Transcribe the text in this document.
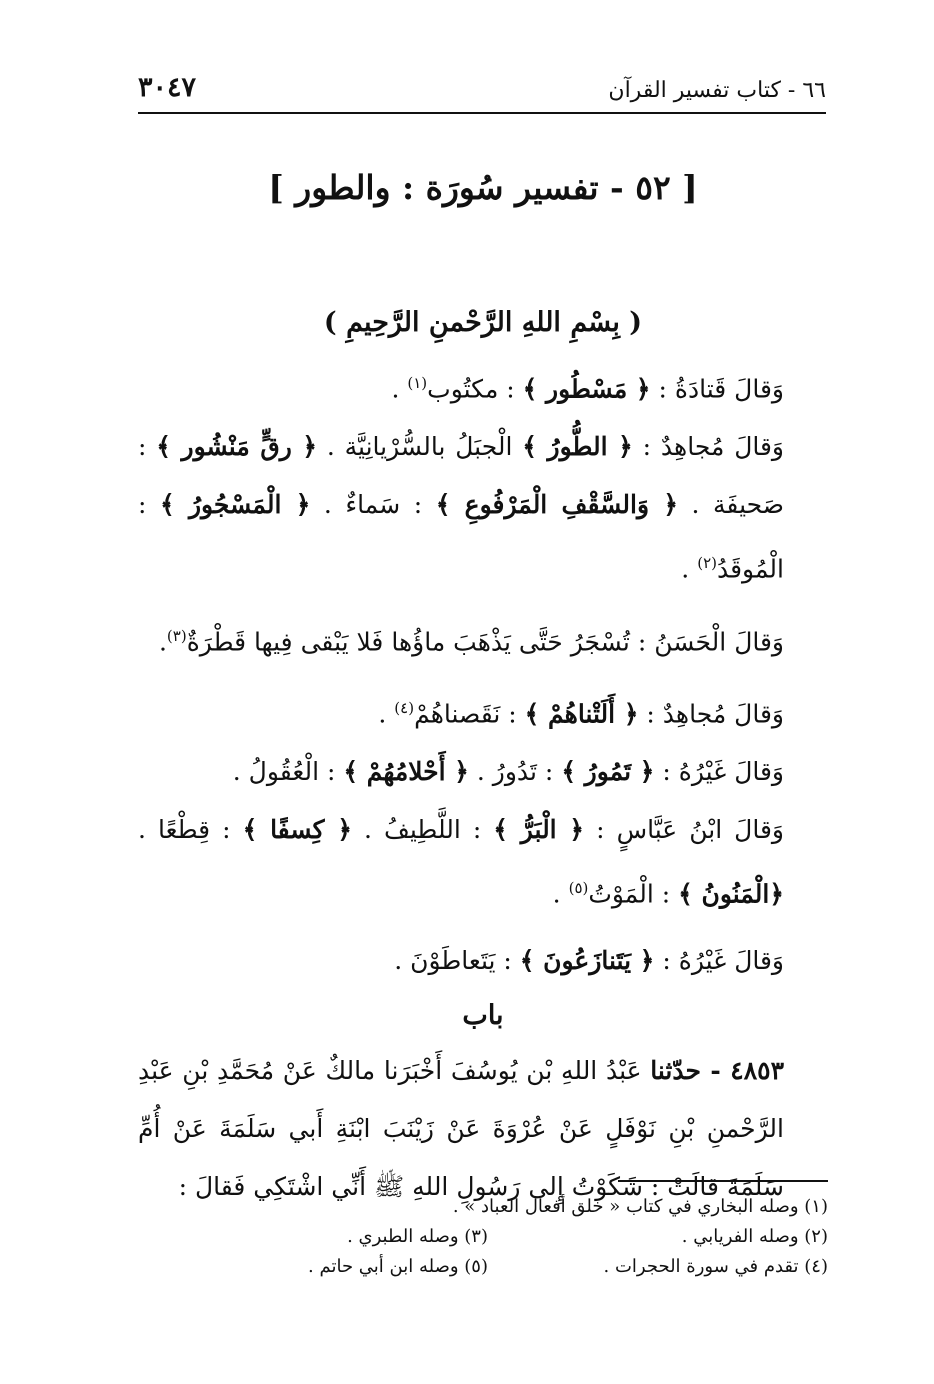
٣٠٤٧	٦٦ - كتاب تفسير القرآن
[ ٥٢ - تفسير سُورَة : والطور ]
( بِسْمِ اللهِ الرَّحْمنِ الرَّحِيمِ )

وَقالَ قَتادَةُ : ﴿ مَسْطُور ﴾ : مكتُوب$^{(١)}$ .

وَقالَ مُجاهِدٌ : ﴿ الطُّورُ ﴾ الْجبَلُ بالسُّرْيانِيَّة . ﴿ رقٍّ مَنْشُور ﴾ : صَحيفَة . ﴿ وَالسَّقْفِ الْمَرْفُوعِ ﴾ : سَماءٌ . ﴿ الْمَسْجُورُ ﴾ : الْمُوقَدُ$^{(٢)}$ .

وَقالَ الْحَسَنُ : تُسْجَرُ حَتَّى يَذْهَبَ ماؤُها فَلا يَبْقى فِيها قَطْرَةٌ$^{(٣)}$.

وَقالَ مُجاهِدٌ : ﴿ أَلَتْناهُمْ ﴾ : نَقَصناهُمْ$^{(٤)}$ .

وَقالَ غَيْرُهُ : ﴿ تَمُورُ ﴾ : تَدُورُ . ﴿ أَحْلامُهُمْ ﴾ : الْعُقُولُ .

وَقالَ ابْنُ عَبَّاسٍ : ﴿ الْبَرُّ ﴾ : اللَّطِيفُ . ﴿ كِسفًا ﴾ : قِطْعًا . ﴿الْمَنُونُ ﴾ : الْمَوْتُ$^{(٥)}$ .

وَقالَ غَيْرُهُ : ﴿ يَتَنازَعُونَ ﴾ : يَتَعاطَوْنَ .

باب

٤٨٥٣ - حدّثنا عَبْدُ اللهِ بْن يُوسُفَ أَخْبَرَنا مالكٌ عَنْ مُحَمَّدِ بْنِ عَبْدِ الرَّحْمنِ بْنِ نَوْفَلٍ عَنْ عُرْوَةَ عَنْ زَيْنَبَ ابْنَةِ أَبي سَلَمَةَ عَنْ أُمِّ سَلَمَةَ قالَتْ : شَكَوْتُ إِلى رَسُولِ اللهِ ﷺ أَنِّي اشْتَكِي فَقالَ :

(١) وصله البخاري في كتاب « خلق أفعال العباد » .
(٢) وصله الفريابي .
(٣) وصله الطبري .
(٤) تقدم في سورة الحجرات .
(٥) وصله ابن أبي حاتم .
